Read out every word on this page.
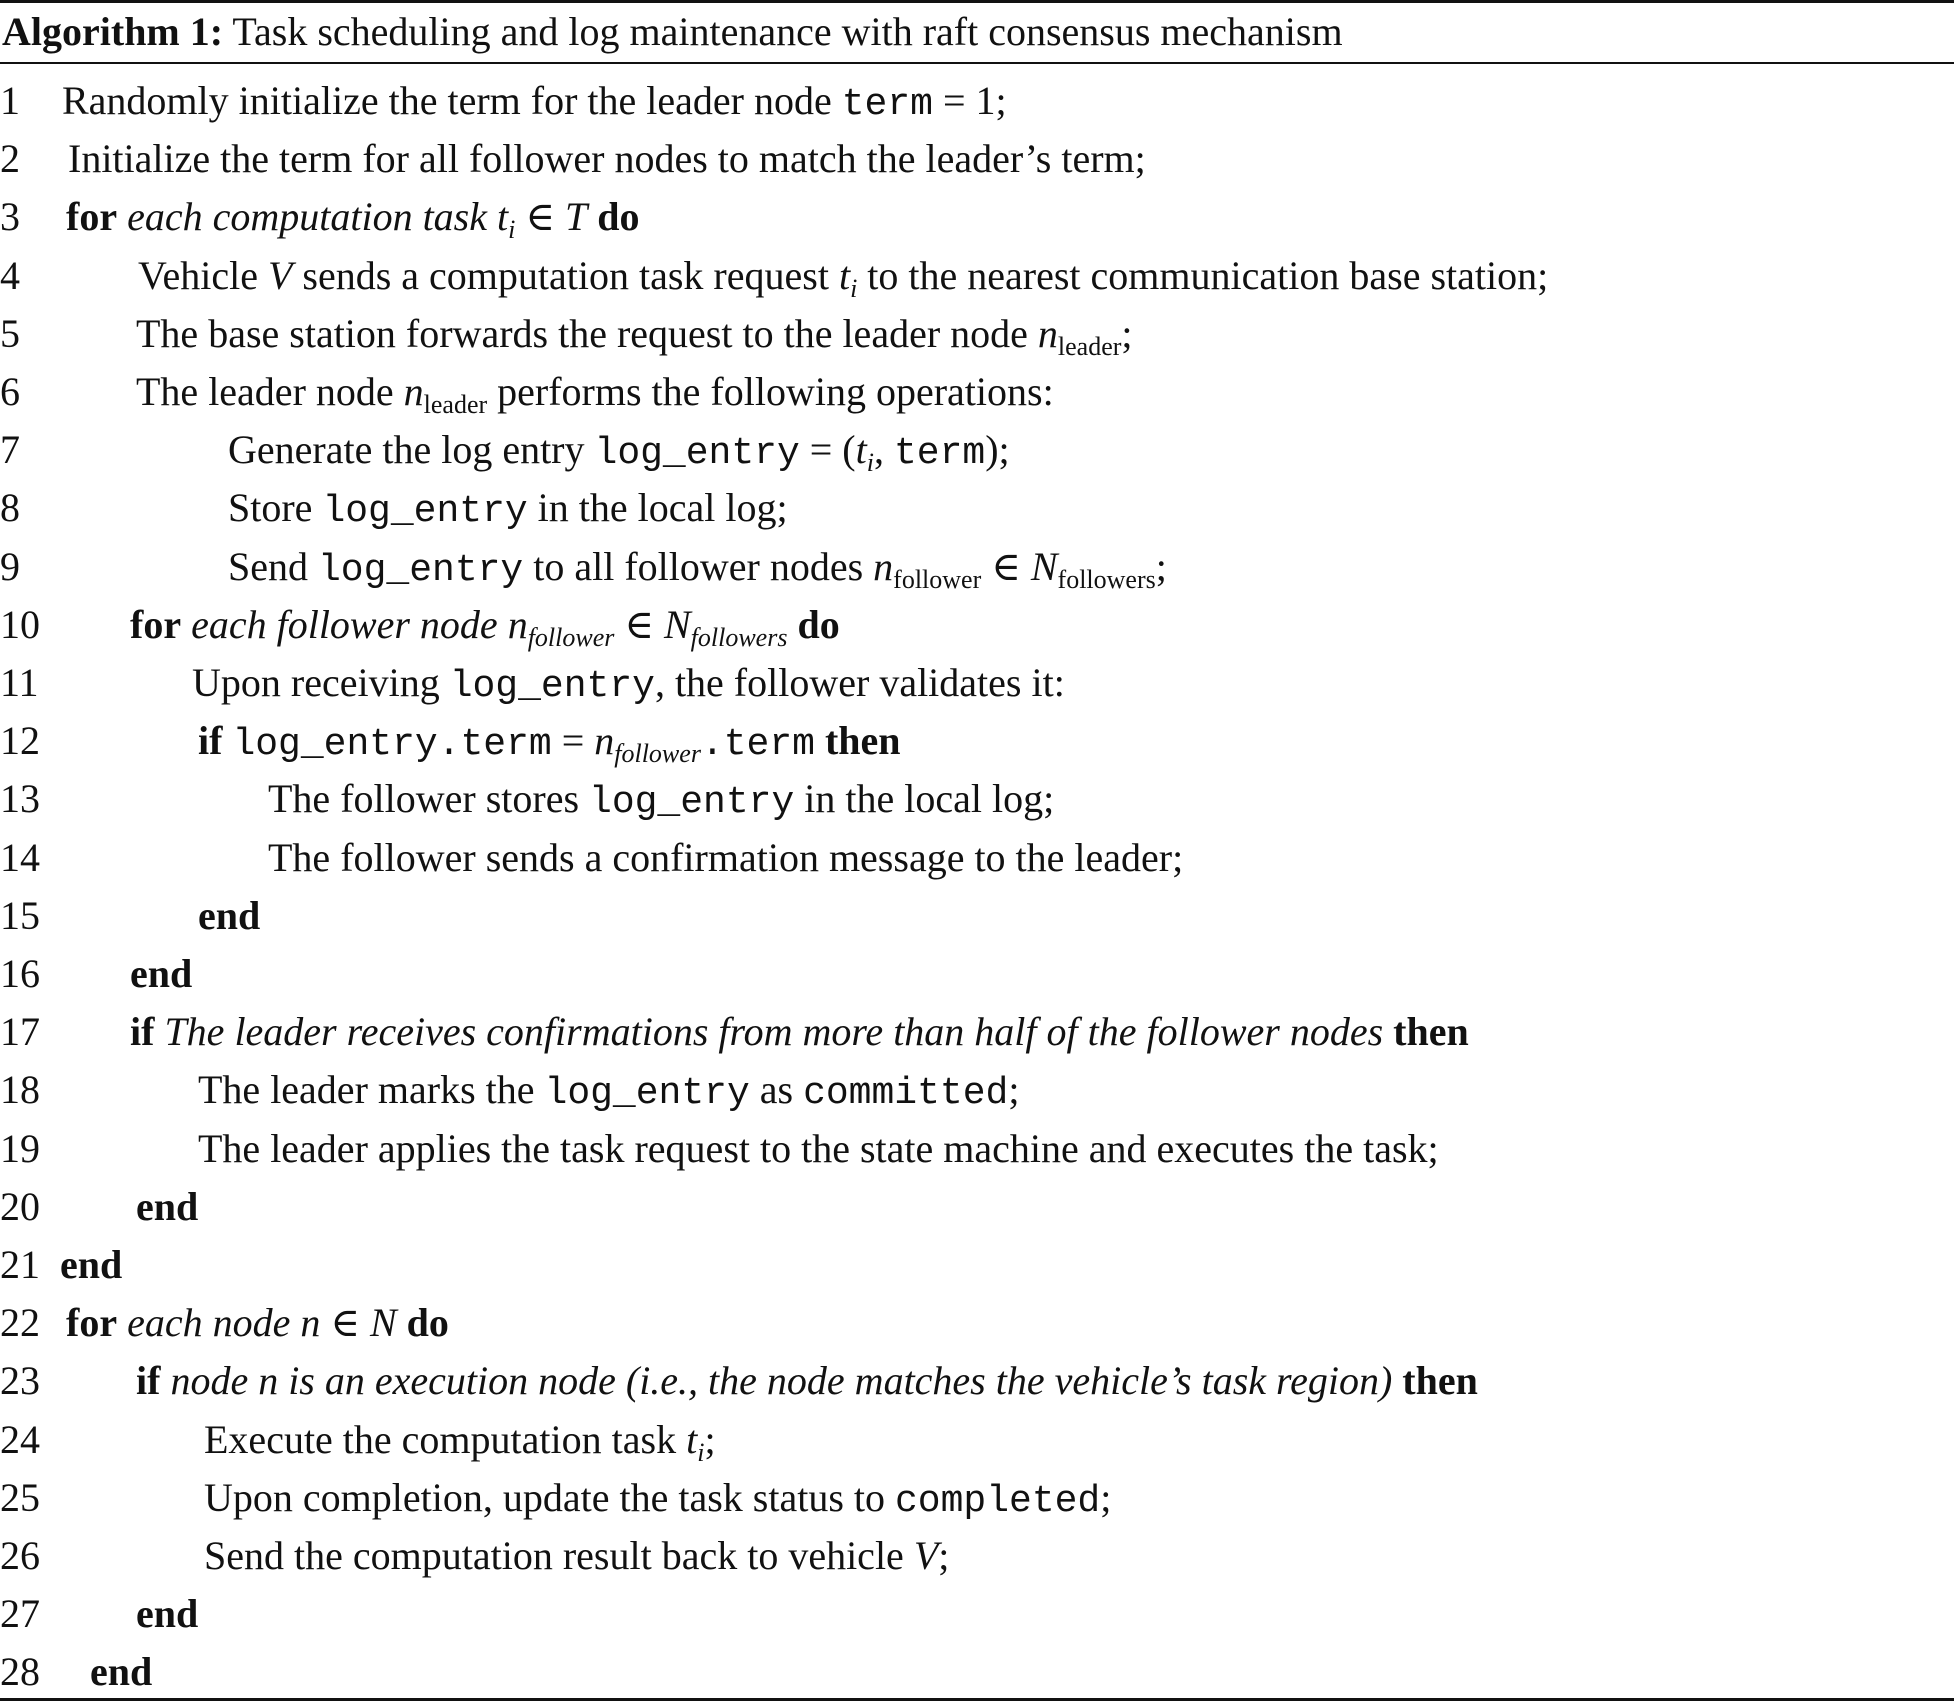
Algorithm 1: Task scheduling and log maintenance with raft consensus mechanism
1	Randomly initialize the term for the leader node term = 1;
2	Initialize the term for all follower nodes to match the leader’s term;
3	for each computation task $t_i$ ∈ T do
4	Vehicle V sends a computation task request $t_i$ to the nearest communication base station;
5	The base station forwards the request to the leader node $n_{leader}$;
6	The leader node $n_{leader}$ performs the following operations:
7	Generate the log entry log_entry = ($t_i$, term);
8	Store log_entry in the local log;
9	Send log_entry to all follower nodes $n_{follower}$ ∈ $N_{followers}$;
10	for each follower node $n_{follower}$ ∈ $N_{followers}$ do
11	Upon receiving log_entry, the follower validates it:
12	if log_entry.term = $n_{follower}.term$ then
13	The follower stores log_entry in the local log;
14	The follower sends a confirmation message to the leader;
15	end
16	end
17	if The leader receives confirmations from more than half of the follower nodes then
18	The leader marks the log_entry as committed;
19	The leader applies the task request to the state machine and executes the task;
20	end
21 end
22 for each node n ∈ N do
23	if node n is an execution node (i.e., the node matches the vehicle’s task region) then
24	Execute the computation task $t_i$;
25	Upon completion, update the task status to completed;
26	Send the computation result back to vehicle V;
27	end
28	end
